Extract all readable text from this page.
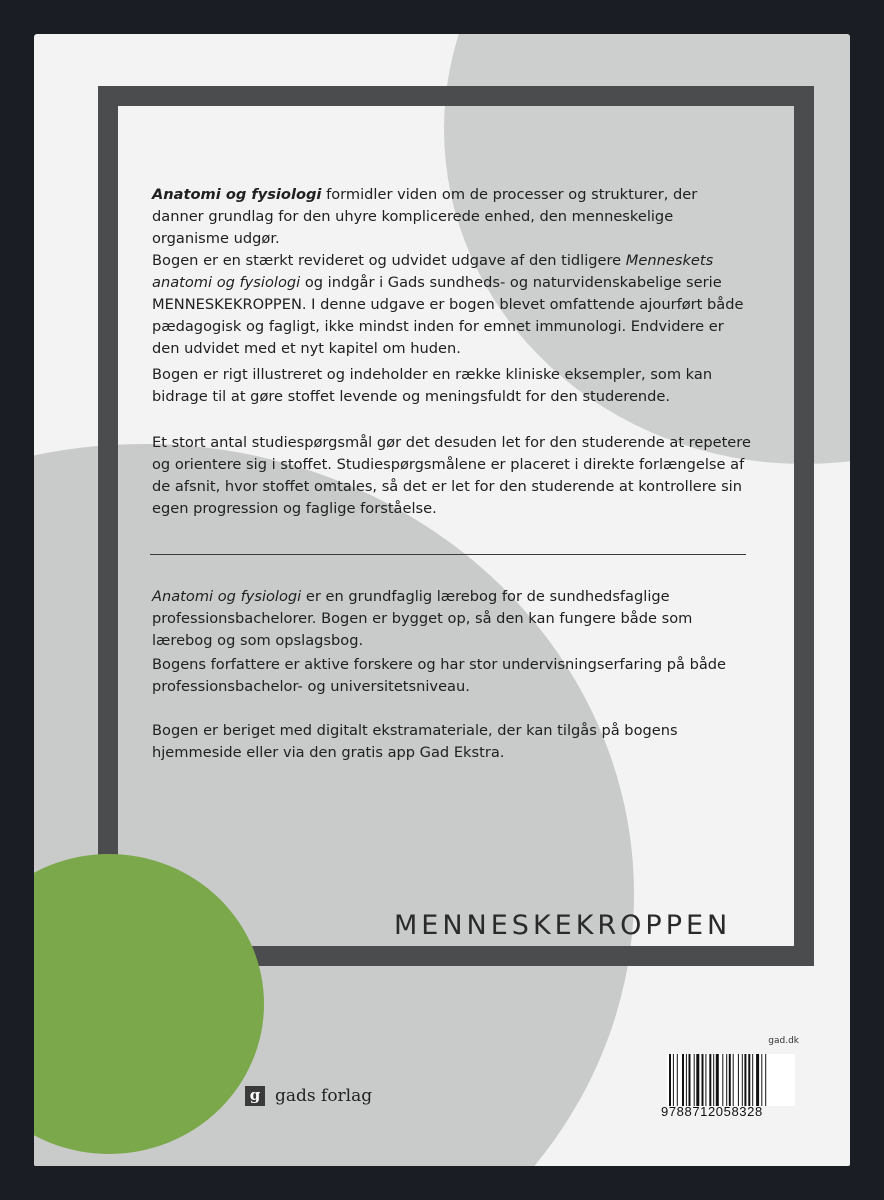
Anatomi og fysiologi formidler viden om de processer og strukturer, der danner grundlag for den uhyre komplicerede enhed, den menneskelige organisme udgør.

Bogen er en stærkt revideret og udvidet udgave af den tidligere Menneskets anatomi og fysiologi og indgår i Gads sundheds- og naturvidenskabelige serie MENNESKEKROPPEN. I denne udgave er bogen blevet omfattende ajourført både pædagogisk og fagligt, ikke mindst inden for emnet immunologi. Endvidere er den udvidet med et nyt kapitel om huden.

Bogen er rigt illustreret og indeholder en række kliniske eksempler, som kan bidrage til at gøre stoffet levende og meningsfuldt for den studerende.

Et stort antal studiespørgsmål gør det desuden let for den studerende at repetere og orientere sig i stoffet. Studiespørgsmålene er placeret i direkte forlængelse af de afsnit, hvor stoffet omtales, så det er let for den studerende at kontrollere sin egen progression og faglige forståelse.

Anatomi og fysiologi er en grundfaglig lærebog for de sundhedsfaglige professionsbachelorer. Bogen er bygget op, så den kan fungere både som lærebog og som opslagsbog.

Bogens forfattere er aktive forskere og har stor undervisningserfaring på både professionsbachelor- og universitetsniveau.

Bogen er beriget med digitalt ekstramateriale, der kan tilgås på bogens hjemmeside eller via den gratis app Gad Ekstra.

MENNESKEKROPPEN
g gads forlag
gad.dk
9788712058328
